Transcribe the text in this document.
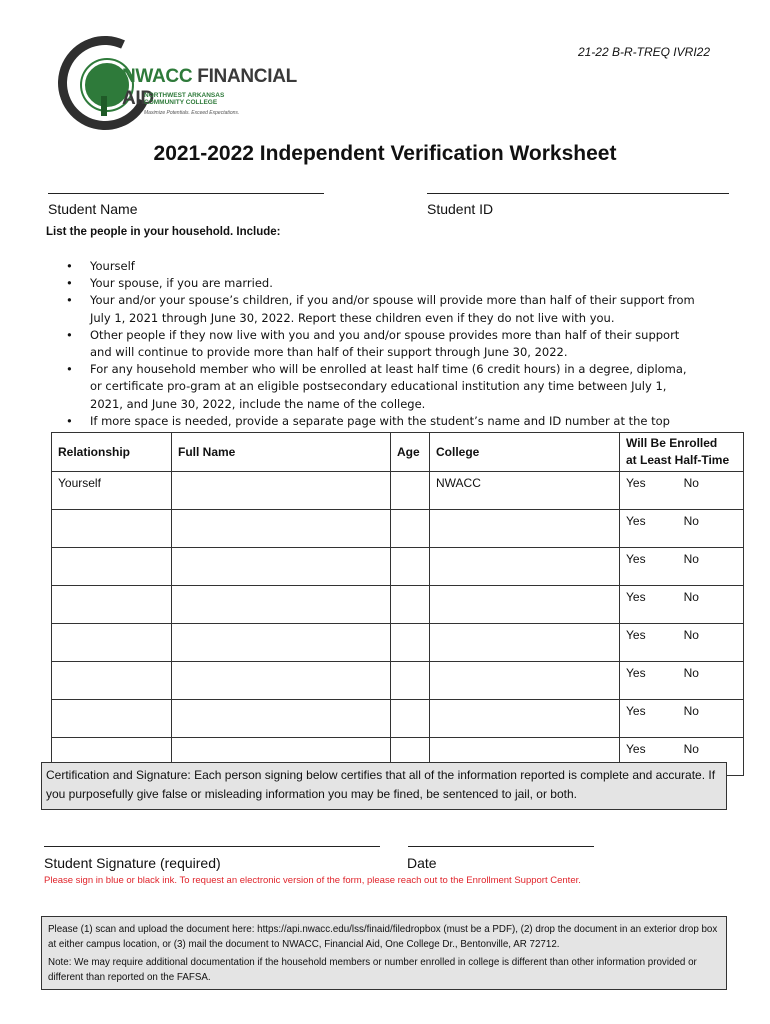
21-22 B-R-TREQ IVRI22
NWACC FINANCIAL AID
NORTHWEST ARKANSAS COMMUNITY COLLEGE
Maximize Potentials. Exceed Expectations.
2021-2022 Independent Verification Worksheet
Student Name	Student ID
List the people in your household. Include:
• Yourself
• Your spouse, if you are married.
• Your and/or your spouse’s children, if you and/or spouse will provide more than half of their support from July 1, 2021 through June 30, 2022. Report these children even if they do not live with you.
• Other people if they now live with you and you and/or spouse provides more than half of their support and will continue to provide more than half of their support through June 30, 2022.
• For any household member who will be enrolled at least half time (6 credit hours) in a degree, diploma, or certificate pro-gram at an eligible postsecondary educational institution any time between July 1, 2021, and June 30, 2022, include the name of the college.
• If more space is needed, provide a separate page with the student’s name and ID number at the top
Relationship	Full Name	Age	College	Will Be Enrolled
at Least Half-Time
Yourself			NWACC	Yes No

				Yes No

				Yes No

				Yes No

				Yes No

				Yes No

				Yes No

				Yes No
Certification and Signature: Each person signing below certifies that all of the information reported is complete and accurate. If you purposefully give false or misleading information you may be fined, be sentenced to jail, or both.
Student Signature (required)	Date
Please sign in blue or black ink. To request an electronic version of the form, please reach out to the Enrollment Support Center.

Please (1) scan and upload the document here: https://api.nwacc.edu/lss/finaid/filedropbox (must be a PDF), (2) drop the document in an exterior drop box at either campus location, or (3) mail the document to NWACC, Financial Aid, One College Dr., Bentonville, AR 72712.

Note: We may require additional documentation if the household members or number enrolled in college is different than other information provided or different than reported on the FAFSA.
